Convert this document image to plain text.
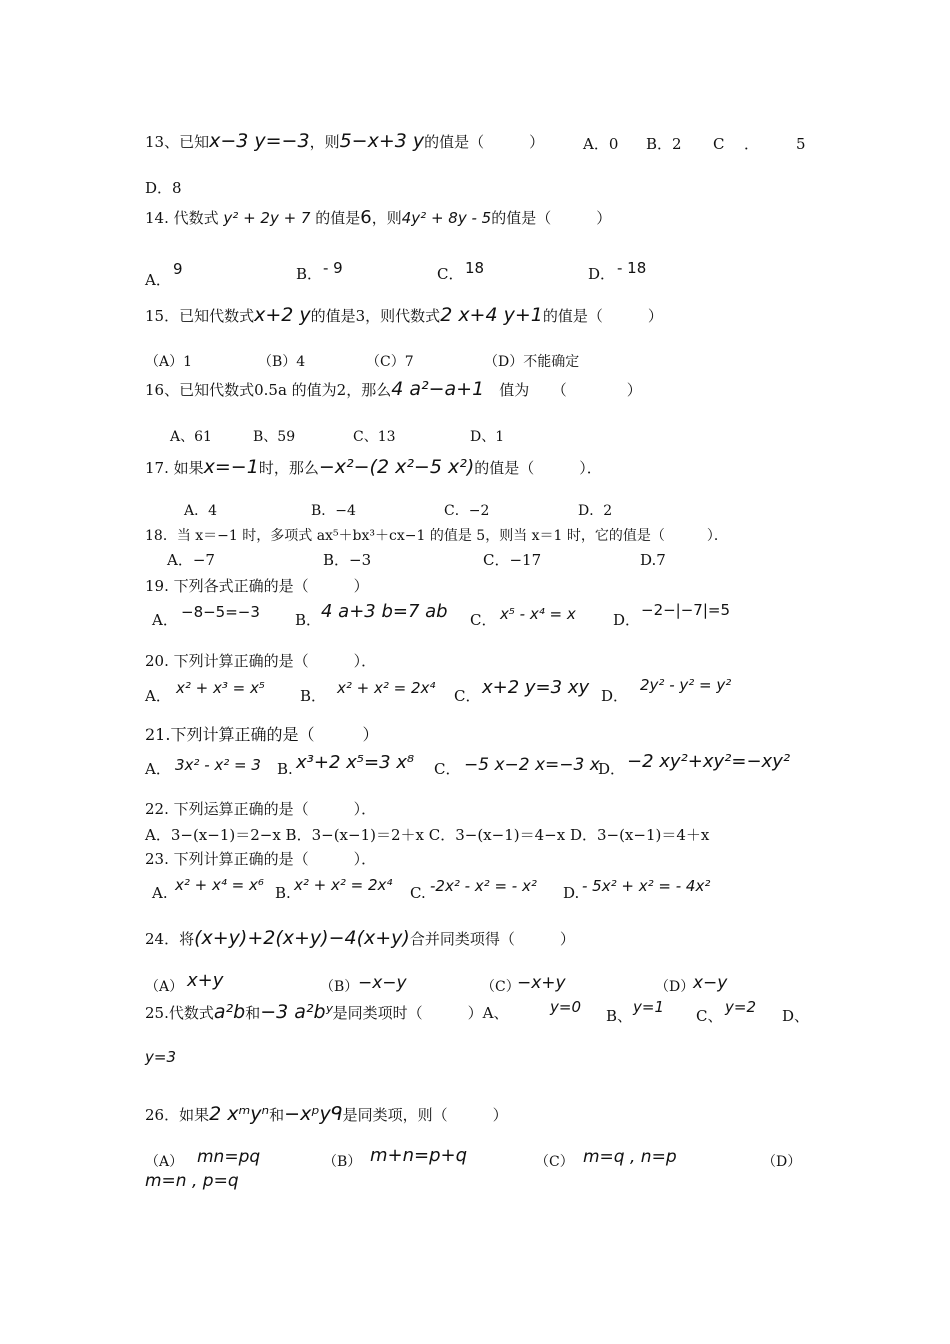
13、已知x−3 y=−3，则5−x+3 y的值是（　　　）	A．0 B．2 C ． 5
D．8
14. 代数式 y² + 2y + 7 的值是6，则4y² + 8y - 5的值是（　　　）
A．
9	B． - 9	C． 18	D． - 18
15．已知代数式x+2 y的值是3，则代数式2 x+4 y+1的值是（　　　）
（A）1	（B）4	（C）7	（D）不能确定
16、已知代数式0.5a 的值为2，那么4 a²−a+1　 值为　　（　　　　）
A、61	B、59	C、13	D、1
17. 如果x=−1时，那么−x²−(2 x²−5 x²)的值是（　　　）．
A．4	B．−4	C．−2	D．2
18．当 x＝−1 时，多项式 ax⁵＋bx³＋cx−1 的值是 5，则当 x＝1 时，它的值是（　　　）．
A．−7	B．−3	C．−17	D.7
19. 下列各式正确的是（　　　）
A． −8−5=−3 B． 4 a+3 b=7 ab C． x⁵ - x⁴ = x D．
−2−|−7|=5
20. 下列计算正确的是（　　　）．
A． x² + x³ = x⁵ B． x² + x² = 2x⁴ C． x+2 y=3 xy D．
2y² - y² = y²
21.下列计算正确的是（　　　）
A． 3x² - x² = 3 B. x³+2 x⁵=3 x⁸ C． −5 x−2 x=−3 x
D． −2 xy²+xy²=−xy²
22. 下列运算正确的是（　　　）．
A．3−(x−1)＝2−x B．3−(x−1)＝2＋x C．3−(x−1)＝4−x D．3−(x−1)＝4＋x
23. 下列计算正确的是（　　　）．
A. x² + x⁴ = x⁶ B. x² + x² = 2x⁴ C. -2x² - x² = - x² D. - 5x² + x² = - 4x²
24．将(x+y)+2(x+y)−4(x+y)合并同类项得（　　　）
（A） x+y	（B） −x−y	（C）
−x+y	（D）
x−y
25.代数式a²b和−3 a²bʸ是同类项时（　　　）A、	y=0 B、 y=1 C、 y=2 D、
y=3
26．如果2 xᵐyⁿ和−xᵖyᑫ是同类项，则（　　　）
（A） mn=pq	（B） m+n=p+q	（C） m=q , n=p	（D）
m=n , p=q
